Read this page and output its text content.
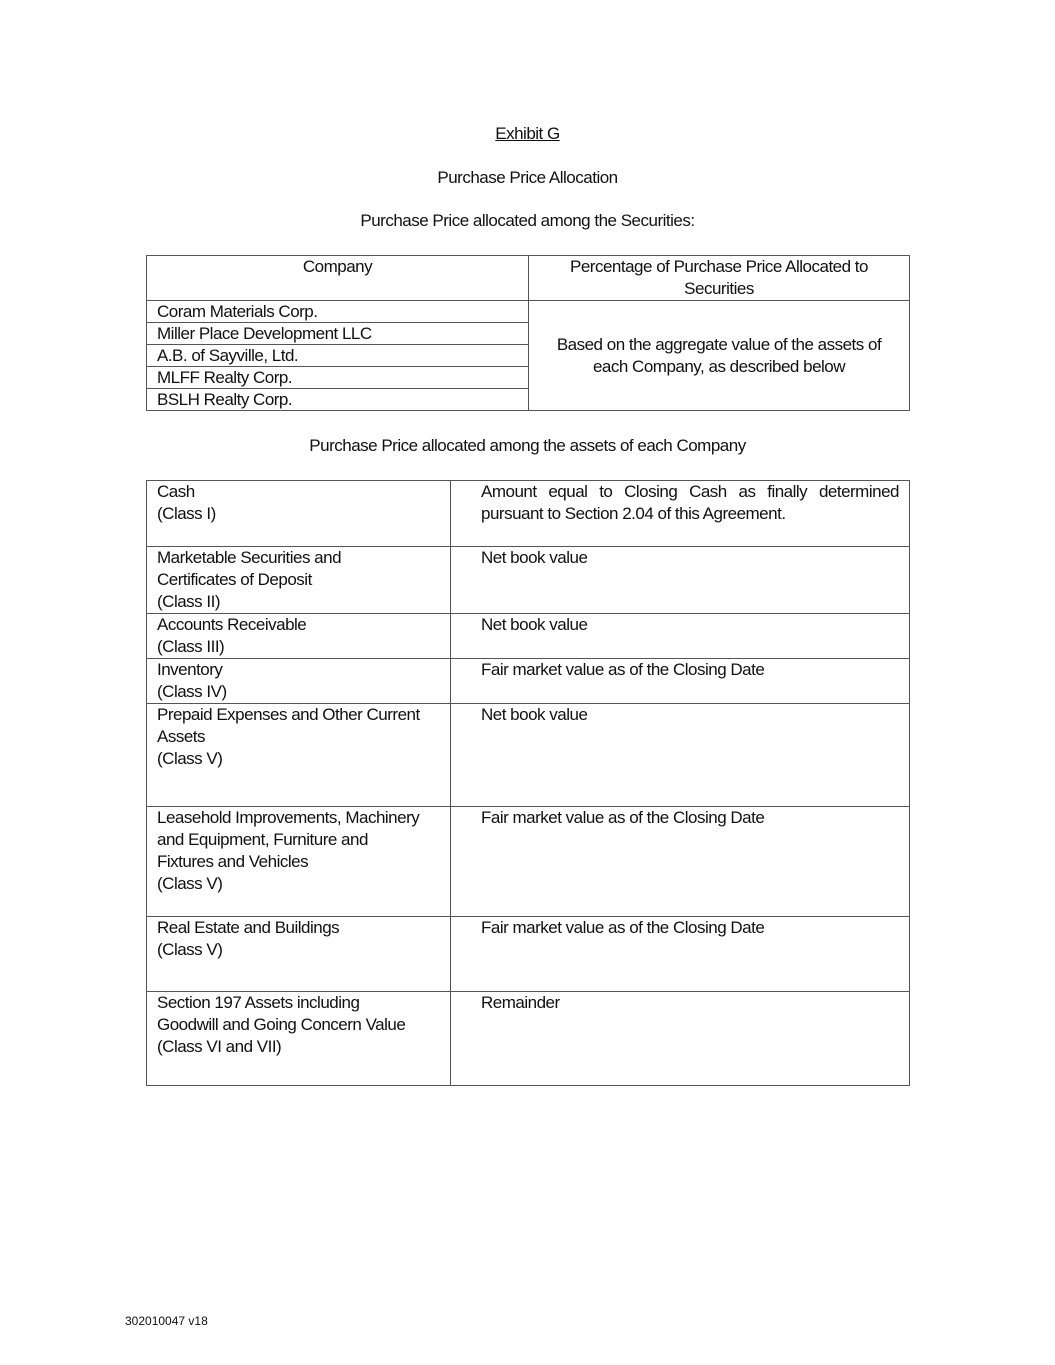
Exhibit G
Purchase Price Allocation
Purchase Price allocated among the Securities:
Company	Percentage of Purchase Price Allocated to Securities
Coram Materials Corp.	Based on the aggregate value of the assets of each Company, as described below
Miller Place Development LLC	
A.B. of Sayville, Ltd.	
MLFF Realty Corp.	
BSLH Realty Corp.	
Purchase Price allocated among the assets of each Company
Cash
(Class I)	Amount equal to Closing Cash as finally determined pursuant to Section 2.04 of this Agreement.
Marketable Securities and
Certificates of Deposit
(Class II)	Net book value
Accounts Receivable
(Class III)	Net book value
Inventory
(Class IV)	Fair market value as of the Closing Date
Prepaid Expenses and Other Current
Assets
(Class V)	Net book value
Leasehold Improvements, Machinery
and Equipment, Furniture and
Fixtures and Vehicles
(Class V)	Fair market value as of the Closing Date
Real Estate and Buildings
(Class V)	Fair market value as of the Closing Date
Section 197 Assets including
Goodwill and Going Concern Value
(Class VI and VII)	Remainder
302010047 v18
